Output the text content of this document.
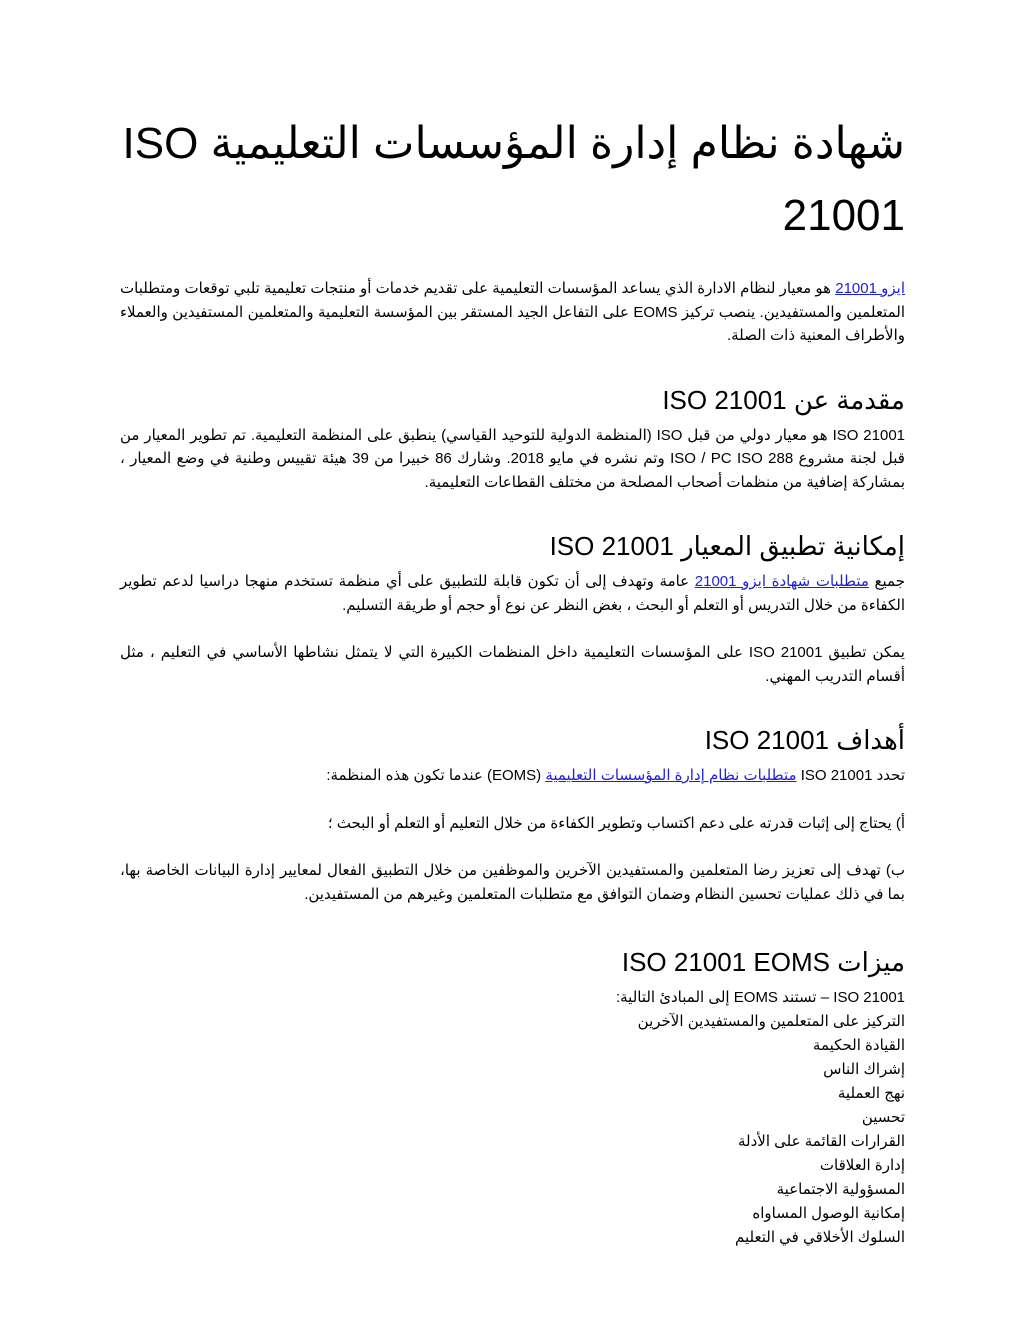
شهادة نظام إدارة المؤسسات التعليمية ISO 21001

ايزو 21001 هو معيار لنظام الادارة الذي يساعد المؤسسات التعليمية على تقديم خدمات أو منتجات تعليمية تلبي توقعات ومتطلبات المتعلمين والمستفيدين. ينصب تركيز EOMS على التفاعل الجيد المستقر بين المؤسسة التعليمية والمتعلمين المستفيدين والعملاء والأطراف المعنية ذات الصلة.

مقدمة عن ISO 21001

ISO 21001 هو معيار دولي من قبل ISO (المنظمة الدولية للتوحيد القياسي) ينطبق على المنظمة التعليمية. تم تطوير المعيار من قبل لجنة مشروع ISO / PC ISO 288 وتم نشره في مايو 2018. وشارك 86 خبيرا من 39 هيئة تقييس وطنية في وضع المعيار ، بمشاركة إضافية من منظمات أصحاب المصلحة من مختلف القطاعات التعليمية.

إمكانية تطبيق المعيار ISO 21001

جميع متطلبات شهادة ايزو 21001 عامة وتهدف إلى أن تكون قابلة للتطبيق على أي منظمة تستخدم منهجا دراسيا لدعم تطوير الكفاءة من خلال التدريس أو التعلم أو البحث ، بغض النظر عن نوع أو حجم أو طريقة التسليم.

يمكن تطبيق ISO 21001 على المؤسسات التعليمية داخل المنظمات الكبيرة التي لا يتمثل نشاطها الأساسي في التعليم ، مثل أقسام التدريب المهني.

أهداف ISO 21001

تحدد ISO 21001 متطلبات نظام إدارة المؤسسات التعليمية (EOMS) عندما تكون هذه المنظمة:

أ) يحتاج إلى إثبات قدرته على دعم اكتساب وتطوير الكفاءة من خلال التعليم أو التعلم أو البحث ؛

ب) تهدف إلى تعزيز رضا المتعلمين والمستفيدين الآخرين والموظفين من خلال التطبيق الفعال لمعايير إدارة البيانات الخاصة بها، بما في ذلك عمليات تحسين النظام وضمان التوافق مع متطلبات المتعلمين وغيرهم من المستفيدين.

ميزات ISO 21001 EOMS

ISO 21001 – تستند EOMS إلى المبادئ التالية:

التركيز على المتعلمين والمستفيدين الآخرين
القيادة الحكيمة
إشراك الناس
نهج العملية
تحسين
القرارات القائمة على الأدلة
إدارة العلاقات
المسؤولية الاجتماعية
إمكانية الوصول المساواه
السلوك الأخلاقي في التعليم
